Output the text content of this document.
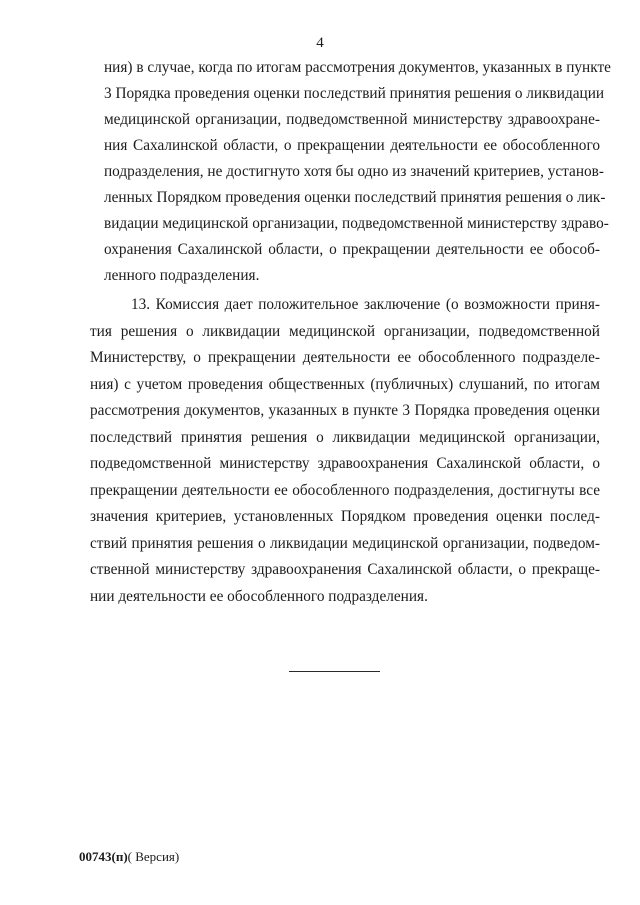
4

ния) в случае, когда по итогам рассмотрения документов, указанных в пункте

3 Порядка проведения оценки последствий принятия решения о ликвидации

медицинской организации, подведомственной министерству здравоохране-

ния Сахалинской области, о прекращении деятельности ее обособленного

подразделения, не достигнуто хотя бы одно из значений критериев, установ-

ленных Порядком проведения оценки последствий принятия решения о лик-

видации медицинской организации, подведомственной министерству здраво-

охранения Сахалинской области, о прекращении деятельности ее обособ-

ленного подразделения.

13. Комиссия дает положительное заключение (о возможности приня-

тия решения о ликвидации медицинской организации, подведомственной

Министерству, о прекращении деятельности ее обособленного подразделе-

ния) с учетом проведения общественных (публичных) слушаний, по итогам

рассмотрения документов, указанных в пункте 3 Порядка проведения оценки

последствий принятия решения о ликвидации медицинской организации,

подведомственной министерству здравоохранения Сахалинской области, о

прекращении деятельности ее обособленного подразделения, достигнуты все

значения критериев, установленных Порядком проведения оценки послед-

ствий принятия решения о ликвидации медицинской организации, подведом-

ственной министерству здравоохранения Сахалинской области, о прекраще-

нии деятельности ее обособленного подразделения.

00743(п)( Версия)
